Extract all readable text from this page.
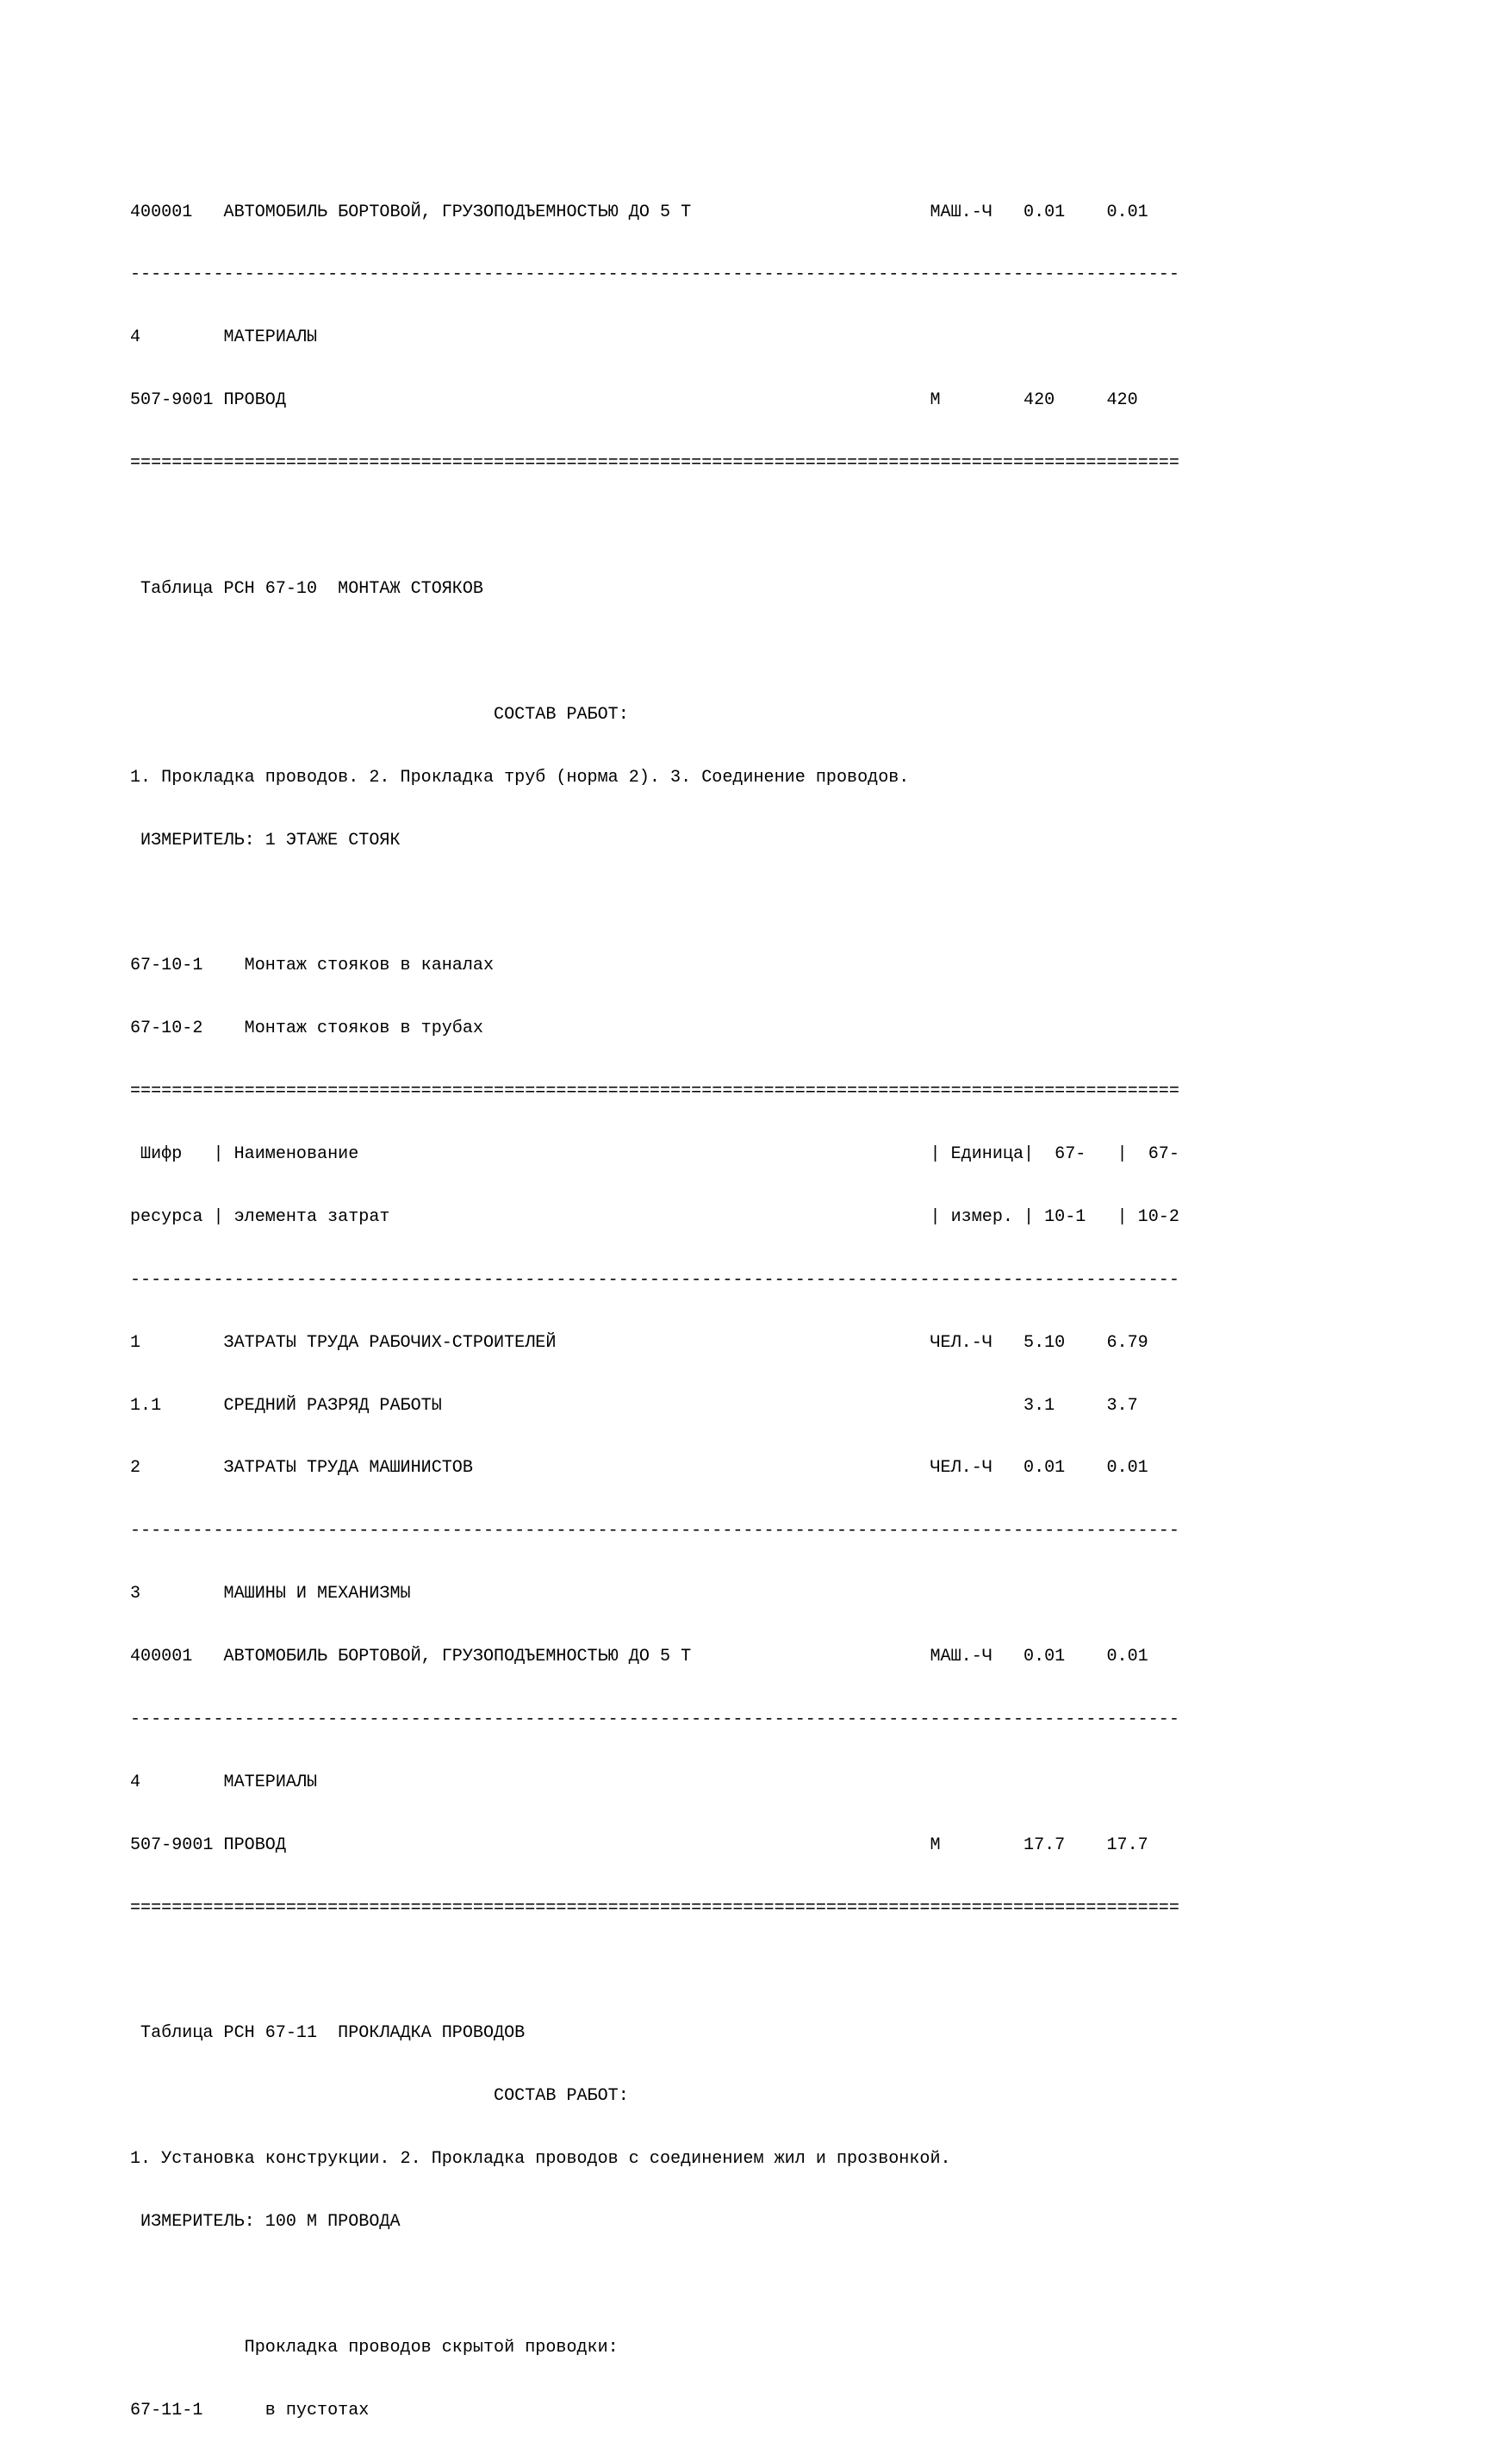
400001   АВТОМОБИЛЬ БОРТОВОЙ, ГРУЗОПОДЪЕМНОСТЬЮ ДО 5 Т                       МАШ.-Ч   0.01    0.01

-----------------------------------------------------------------------------------------------------

4        МАТЕРИАЛЫ

507-9001 ПРОВОД                                                              М        420     420

=====================================================================================================

Таблица РСН 67-10  МОНТАЖ СТОЯКОВ

СОСТАВ РАБОТ:

1. Прокладка проводов. 2. Прокладка труб (норма 2). 3. Соединение проводов.

ИЗМЕРИТЕЛЬ: 1 ЭТАЖЕ СТОЯК

67-10-1    Монтаж стояков в каналах

67-10-2    Монтаж стояков в трубах

=====================================================================================================

Шифр   | Наименование                                                       | Единица|  67-   |  67-

ресурса | элемента затрат                                                    | измер. | 10-1   | 10-2

-----------------------------------------------------------------------------------------------------

1        ЗАТРАТЫ ТРУДА РАБОЧИХ-СТРОИТЕЛЕЙ                                    ЧЕЛ.-Ч   5.10    6.79

1.1      СРЕДНИЙ РАЗРЯД РАБОТЫ                                                        3.1     3.7

2        ЗАТРАТЫ ТРУДА МАШИНИСТОВ                                            ЧЕЛ.-Ч   0.01    0.01

-----------------------------------------------------------------------------------------------------

3        МАШИНЫ И МЕХАНИЗМЫ

400001   АВТОМОБИЛЬ БОРТОВОЙ, ГРУЗОПОДЪЕМНОСТЬЮ ДО 5 Т                       МАШ.-Ч   0.01    0.01

-----------------------------------------------------------------------------------------------------

4        МАТЕРИАЛЫ

507-9001 ПРОВОД                                                              М        17.7    17.7

=====================================================================================================

Таблица РСН 67-11  ПРОКЛАДКА ПРОВОДОВ

СОСТАВ РАБОТ:

1. Установка конструкции. 2. Прокладка проводов с соединением жил и прозвонкой.

ИЗМЕРИТЕЛЬ: 100 М ПРОВОДА

Прокладка проводов скрытой проводки:

67-11-1      в пустотах
